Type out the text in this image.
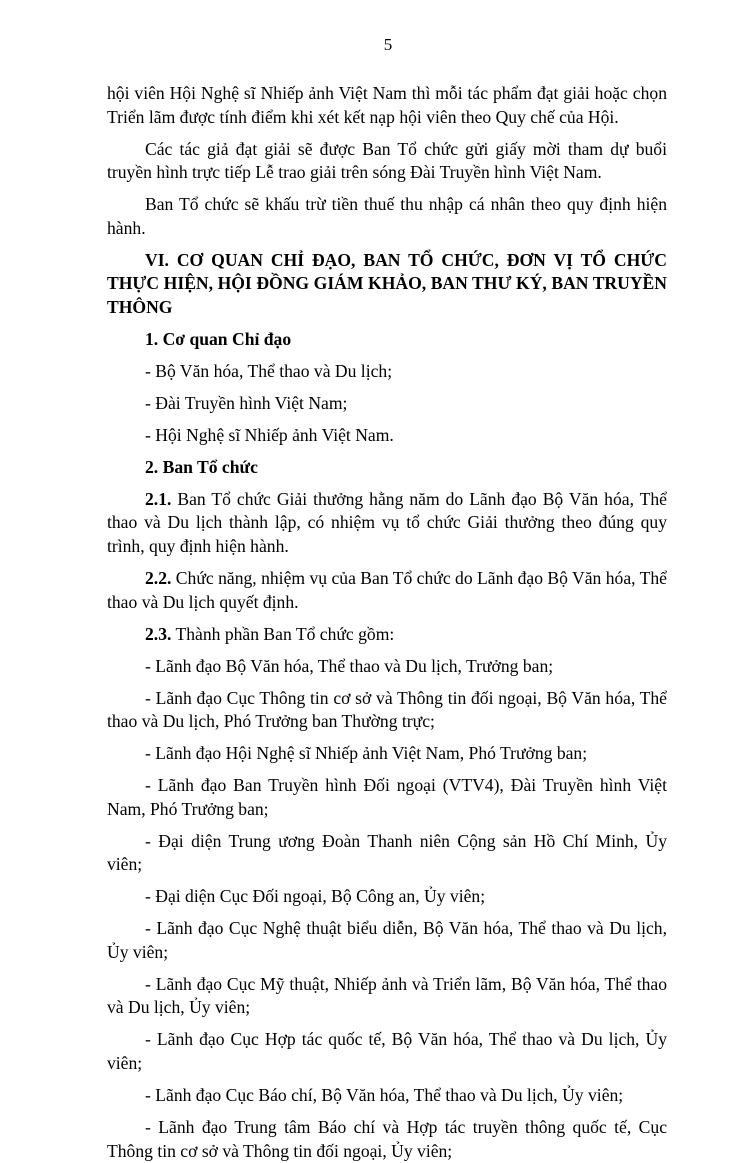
5
hội viên Hội Nghệ sĩ Nhiếp ảnh Việt Nam thì mỗi tác phẩm đạt giải hoặc chọn Triển lãm được tính điểm khi xét kết nạp hội viên theo Quy chế của Hội.
Các tác giả đạt giải sẽ được Ban Tổ chức gửi giấy mời tham dự buổi truyền hình trực tiếp Lễ trao giải trên sóng Đài Truyền hình Việt Nam.
Ban Tổ chức sẽ khấu trừ tiền thuế thu nhập cá nhân theo quy định hiện hành.
VI. CƠ QUAN CHỈ ĐẠO, BAN TỔ CHỨC, ĐƠN VỊ TỔ CHỨC THỰC HIỆN, HỘI ĐỒNG GIÁM KHẢO, BAN THƯ KÝ, BAN TRUYỀN THÔNG
1. Cơ quan Chỉ đạo
- Bộ Văn hóa, Thể thao và Du lịch;
- Đài Truyền hình Việt Nam;
- Hội Nghệ sĩ Nhiếp ảnh Việt Nam.
2. Ban Tổ chức
2.1. Ban Tổ chức Giải thưởng hằng năm do Lãnh đạo Bộ Văn hóa, Thể thao và Du lịch thành lập, có nhiệm vụ tổ chức Giải thưởng theo đúng quy trình, quy định hiện hành.
2.2. Chức năng, nhiệm vụ của Ban Tổ chức do Lãnh đạo Bộ Văn hóa, Thể thao và Du lịch quyết định.
2.3. Thành phần Ban Tổ chức gồm:
- Lãnh đạo Bộ Văn hóa, Thể thao và Du lịch, Trưởng ban;
- Lãnh đạo Cục Thông tin cơ sở và Thông tin đối ngoại, Bộ Văn hóa, Thể thao và Du lịch, Phó Trưởng ban Thường trực;
- Lãnh đạo Hội Nghệ sĩ Nhiếp ảnh Việt Nam, Phó Trưởng ban;
- Lãnh đạo Ban Truyền hình Đối ngoại (VTV4), Đài Truyền hình Việt Nam, Phó Trưởng ban;
- Đại diện Trung ương Đoàn Thanh niên Cộng sản Hồ Chí Minh, Ủy viên;
- Đại diện Cục Đối ngoại, Bộ Công an, Ủy viên;
- Lãnh đạo Cục Nghệ thuật biểu diễn, Bộ Văn hóa, Thể thao và Du lịch, Ủy viên;
- Lãnh đạo Cục Mỹ thuật, Nhiếp ảnh và Triển lãm, Bộ Văn hóa, Thể thao và Du lịch, Ủy viên;
- Lãnh đạo Cục Hợp tác quốc tế, Bộ Văn hóa, Thể thao và Du lịch, Ủy viên;
- Lãnh đạo Cục Báo chí, Bộ Văn hóa, Thể thao và Du lịch, Ủy viên;
- Lãnh đạo Trung tâm Báo chí và Hợp tác truyền thông quốc tế, Cục Thông tin cơ sở và Thông tin đối ngoại, Ủy viên;
